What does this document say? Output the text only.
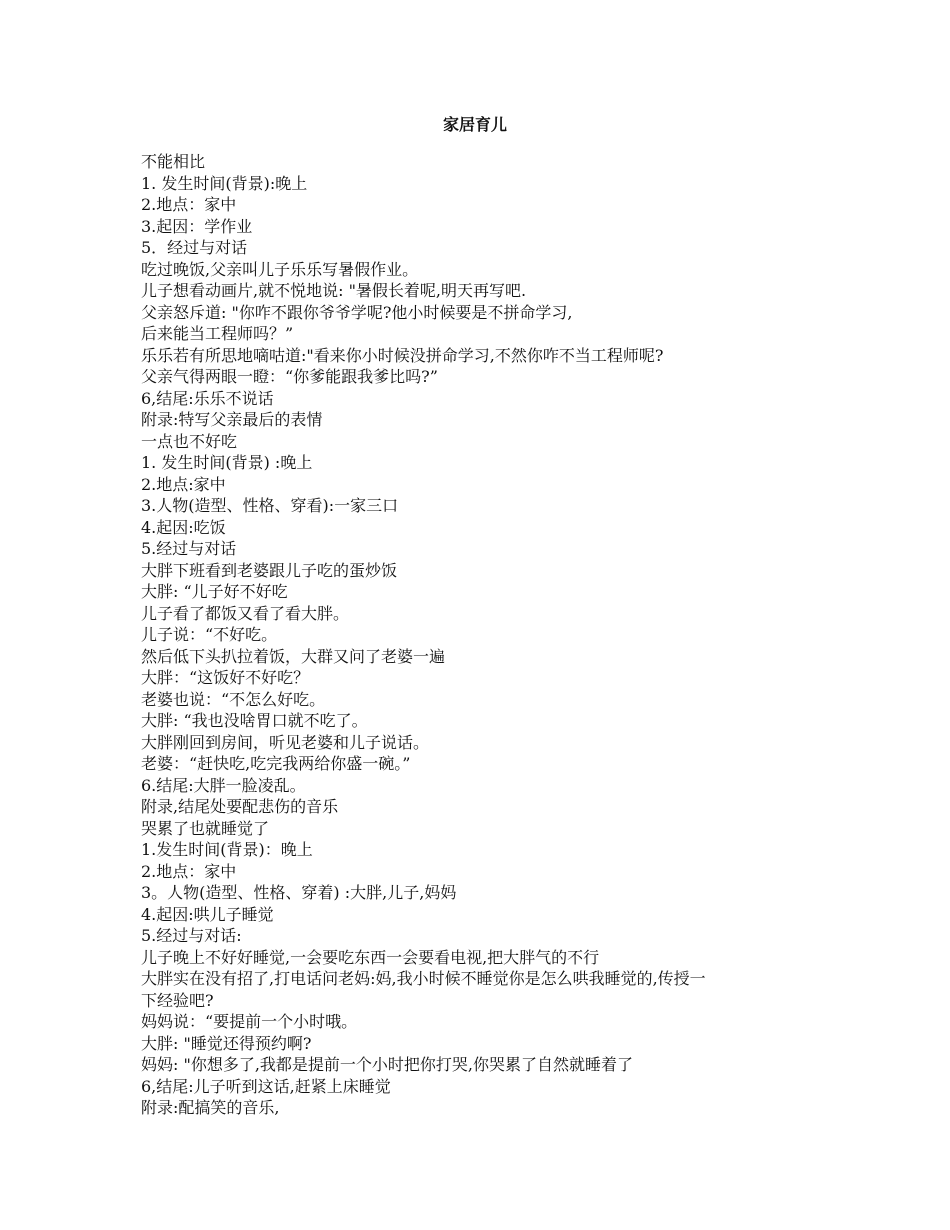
家居育儿
不能相比
1. 发生时间(背景):晚上
2.地点：家中
3.起因：学作业
5．经过与对话
吃过晚饭,父亲叫儿子乐乐写暑假作业。
儿子想看动画片,就不悦地说: "暑假长着呢,明天再写吧.
父亲怒斥道: "你咋不跟你爷爷学呢?他小时候要是不拼命学习,
后来能当工程师吗？”
乐乐若有所思地嘀咕道:"看来你小时候没拼命学习,不然你咋不当工程师呢?
父亲气得两眼一瞪：“你爹能跟我爹比吗?”
6,结尾:乐乐不说话
附录:特写父亲最后的表情
一点也不好吃
1. 发生时间(背景) :晚上
2.地点:家中
3.人物(造型、性格、穿看):一家三口
4.起因:吃饭
5.经过与对话
大胖下班看到老婆跟儿子吃的蛋炒饭
大胖: “儿子好不好吃
儿子看了都饭又看了看大胖。
儿子说：“不好吃。
然后低下头扒拉着饭，大群又问了老婆一遍
大胖：“这饭好不好吃？
老婆也说：“不怎么好吃。
大胖: “我也没啥胃口就不吃了。
大胖刚回到房间，听见老婆和儿子说话。
老婆：“赶快吃,吃完我两给你盛一碗。”
6.结尾:大胖一脸凌乱。
附录,结尾处要配悲伤的音乐
哭累了也就睡觉了
1.发生时间(背景)：晚上
2.地点：家中
3。人物(造型、性格、穿着) :大胖,儿子,妈妈
4.起因:哄儿子睡觉
5.经过与对话:
儿子晚上不好好睡觉,一会要吃东西一会要看电视,把大胖气的不行
大胖实在没有招了,打电话问老妈:妈,我小时候不睡觉你是怎么哄我睡觉的,传授一
下经验吧?
妈妈说：“要提前一个小时哦。
大胖: "睡觉还得预约啊?
妈妈: "你想多了,我都是提前一个小时把你打哭,你哭累了自然就睡着了
6,结尾:儿子听到这话,赶紧上床睡觉
附录:配搞笑的音乐,
